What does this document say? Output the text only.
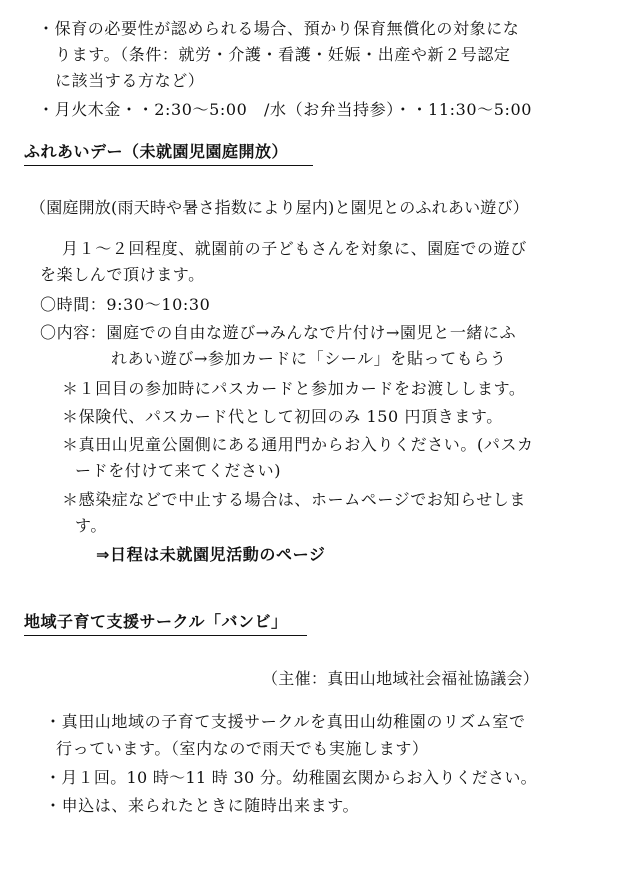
・保育の必要性が認められる場合、預かり保育無償化の対象にな
ります。（条件：就労・介護・看護・妊娠・出産や新２号認定
に該当する方など）
・月火木金・・2:30～5:00　/水（お弁当持参）・・11:30～5:00
ふれあいデー（未就園児園庭開放）
（園庭開放(雨天時や暑さ指数により屋内)と園児とのふれあい遊び）
月１～２回程度、就園前の子どもさんを対象に、園庭での遊び
を楽しんで頂けます。
〇時間：9:30～10:30
〇内容：園庭での自由な遊び→みんなで片付け→園児と一緒にふ
れあい遊び→参加カードに「シール」を貼ってもらう
＊１回目の参加時にパスカードと参加カードをお渡しします。
＊保険代、パスカード代として初回のみ 150 円頂きます。
＊真田山児童公園側にある通用門からお入りください。(パスカ
ードを付けて来てください)
＊感染症などで中止する場合は、ホームページでお知らせしま
す。
⇒日程は未就園児活動のページ
地域子育て支援サークル「バンビ」
（主催：真田山地域社会福祉協議会）
・真田山地域の子育て支援サークルを真田山幼稚園のリズム室で
行っています。（室内なので雨天でも実施します）
・月１回。10 時～11 時 30 分。幼稚園玄関からお入りください。
・申込は、来られたときに随時出来ます。
